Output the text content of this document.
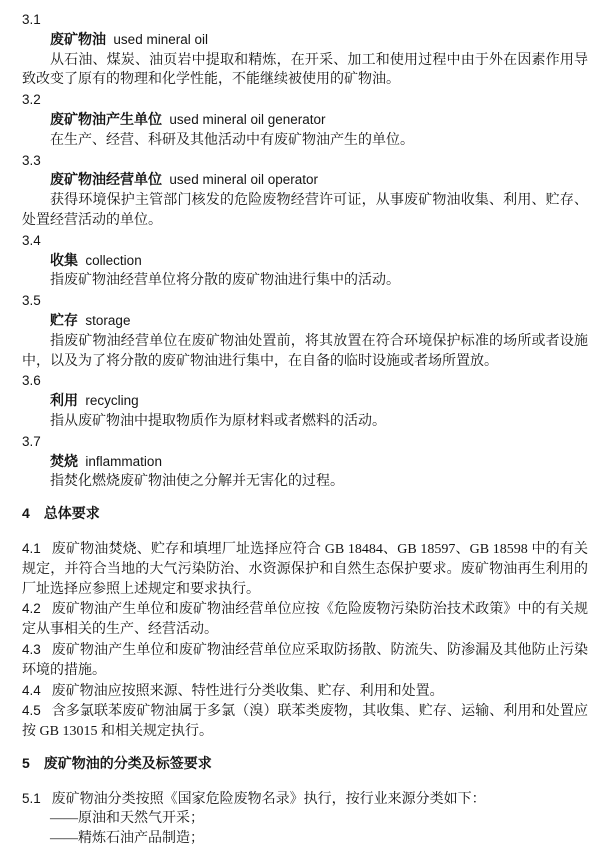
3.1
废矿物油 used mineral oil

从石油、煤炭、油页岩中提取和精炼，在开采、加工和使用过程中由于外在因素作用导致改变了原有的物理和化学性能，不能继续被使用的矿物油。

3.2
废矿物油产生单位 used mineral oil generator

在生产、经营、科研及其他活动中有废矿物油产生的单位。

3.3
废矿物油经营单位 used mineral oil operator

获得环境保护主管部门核发的危险废物经营许可证，从事废矿物油收集、利用、贮存、处置经营活动的单位。

3.4
收集 collection

指废矿物油经营单位将分散的废矿物油进行集中的活动。

3.5
贮存 storage

指废矿物油经营单位在废矿物油处置前，将其放置在符合环境保护标准的场所或者设施中，以及为了将分散的废矿物油进行集中，在自备的临时设施或者场所置放。

3.6
利用 recycling

指从废矿物油中提取物质作为原材料或者燃料的活动。

3.7
焚烧 inflammation

指焚化燃烧废矿物油使之分解并无害化的过程。

4 总体要求

4.1 废矿物油焚烧、贮存和填埋厂址选择应符合 GB 18484、GB 18597、GB 18598 中的有关规定，并符合当地的大气污染防治、水资源保护和自然生态保护要求。废矿物油再生利用的厂址选择应参照上述规定和要求执行。

4.2 废矿物油产生单位和废矿物油经营单位应按《危险废物污染防治技术政策》中的有关规定从事相关的生产、经营活动。

4.3 废矿物油产生单位和废矿物油经营单位应采取防扬散、防流失、防渗漏及其他防止污染环境的措施。

4.4 废矿物油应按照来源、特性进行分类收集、贮存、利用和处置。

4.5 含多氯联苯废矿物油属于多氯（溴）联苯类废物，其收集、贮存、运输、利用和处置应按 GB 13015 和相关规定执行。

5 废矿物油的分类及标签要求

5.1 废矿物油分类按照《国家危险废物名录》执行，按行业来源分类如下：

——原油和天然气开采；
——精炼石油产品制造；
